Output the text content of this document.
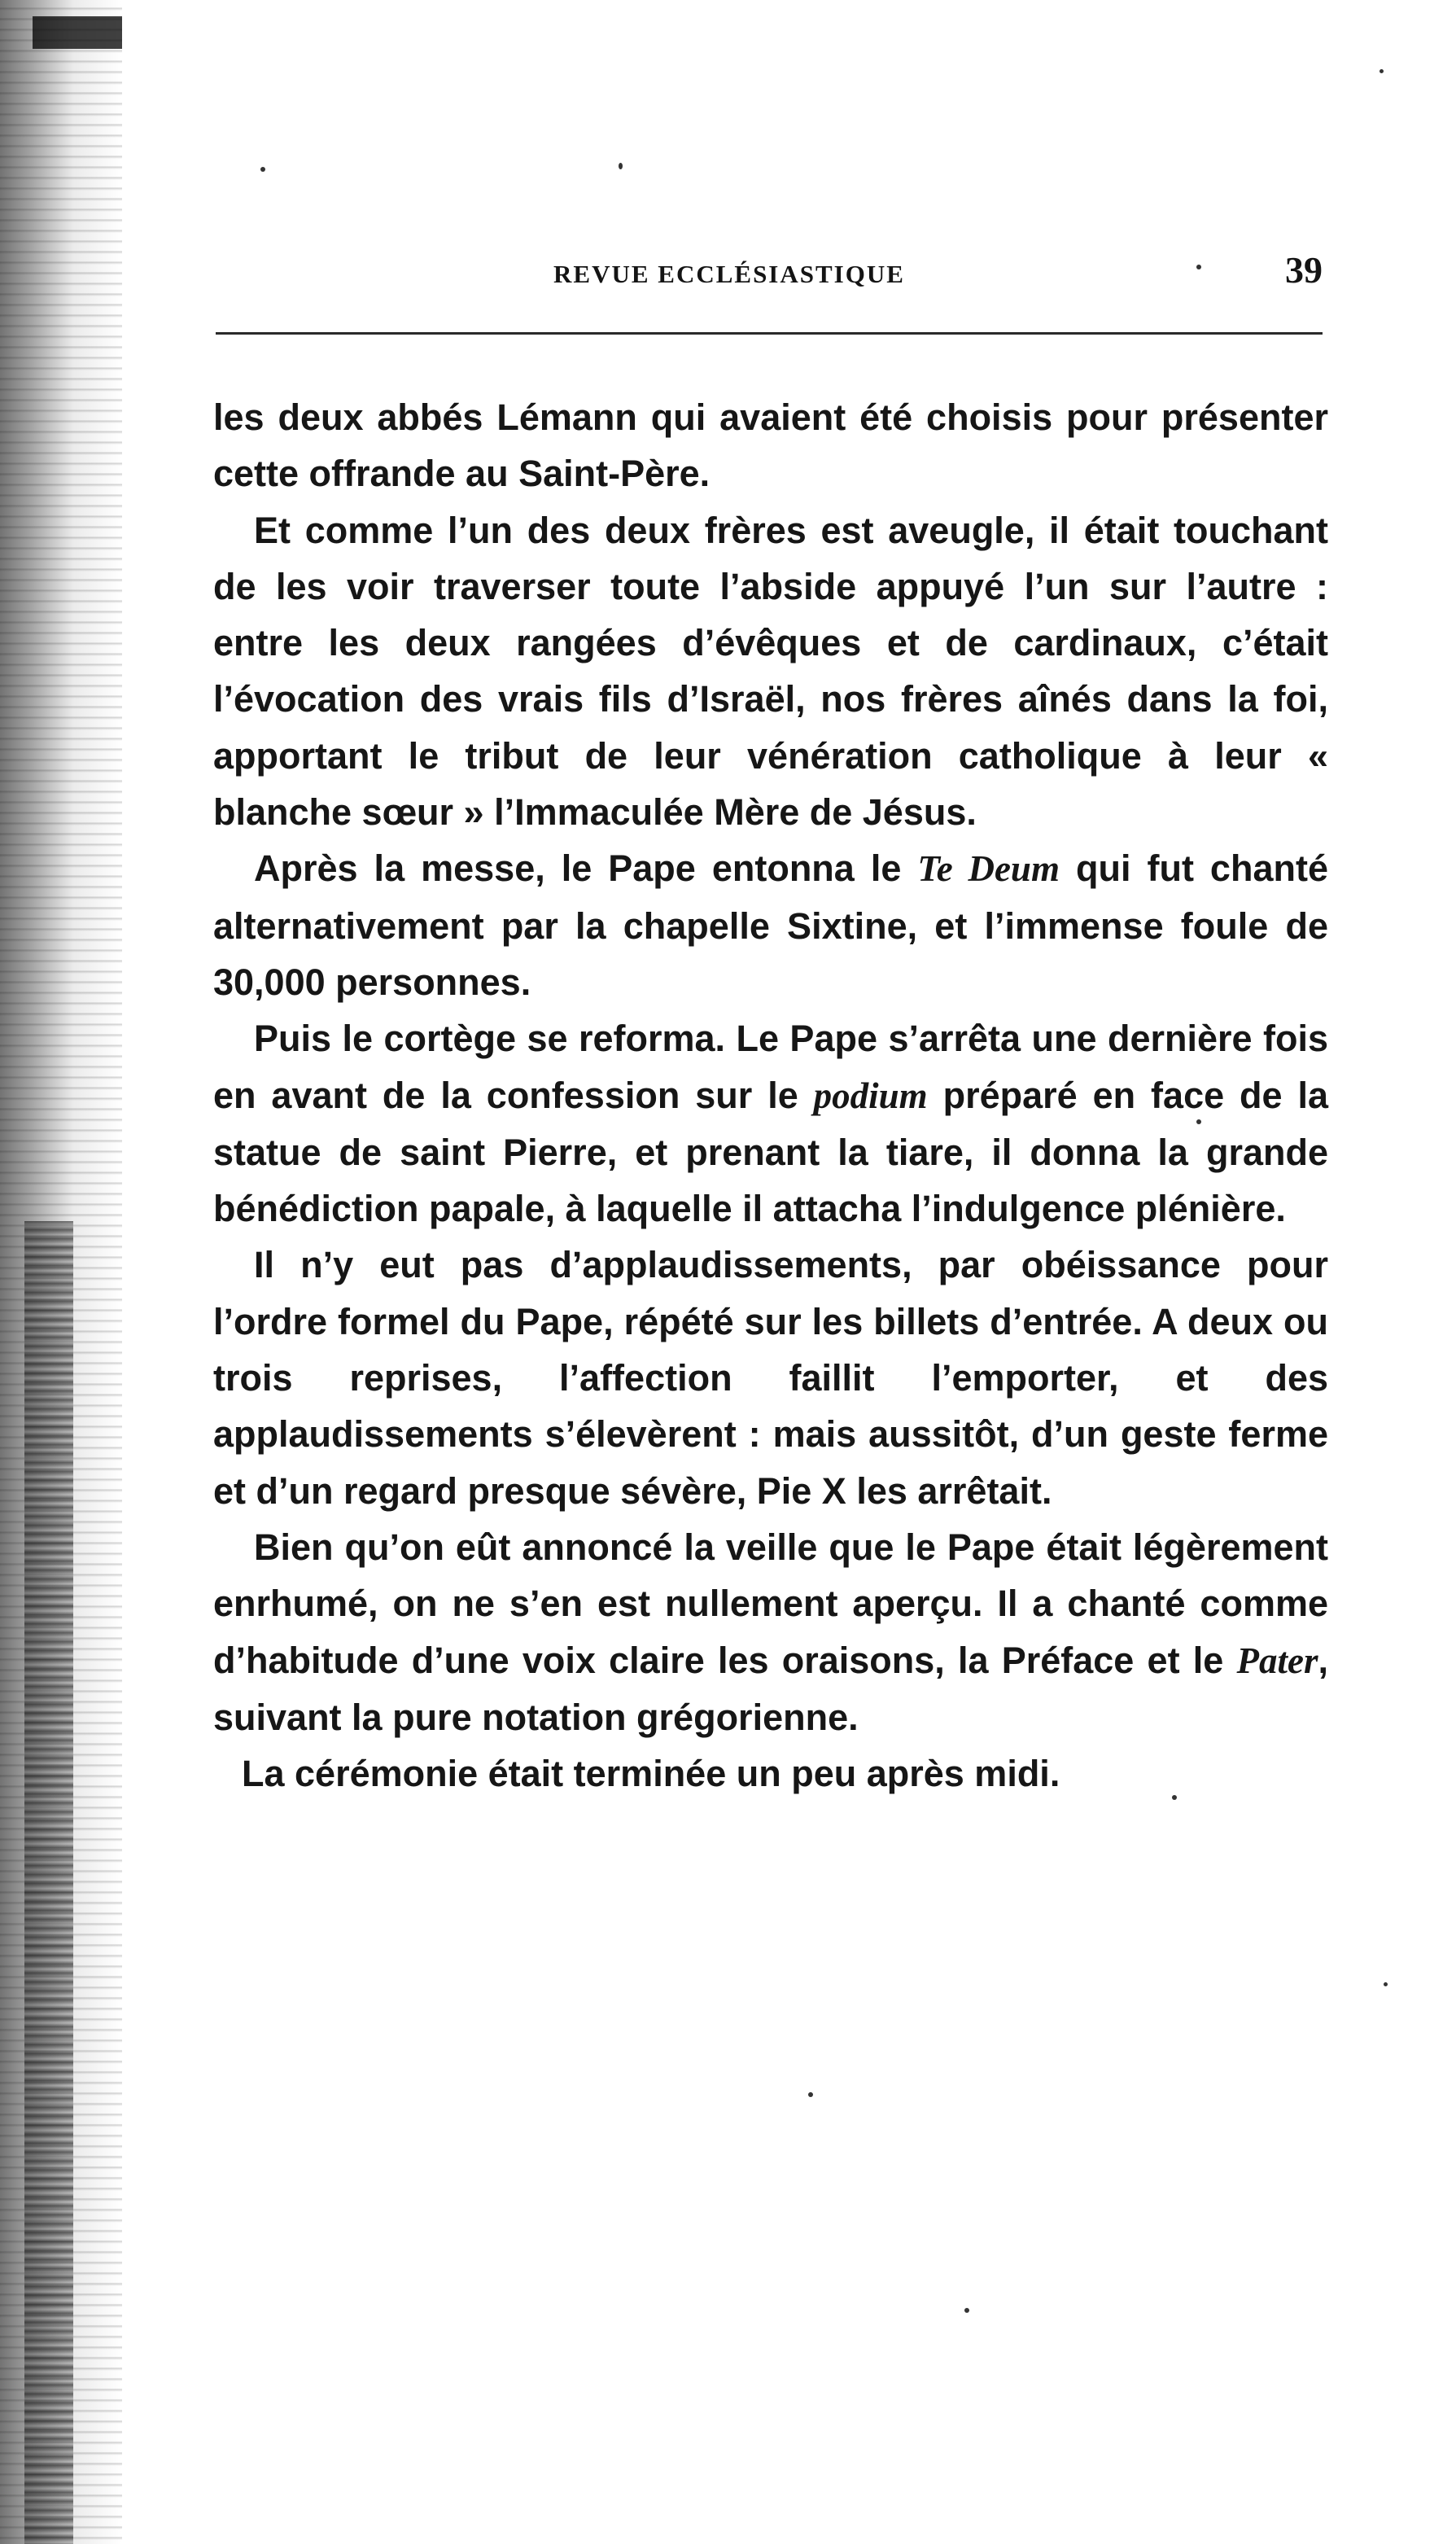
REVUE ECCLÉSIASTIQUE	39

les deux abbés Lémann qui avaient été choisis pour présenter cette offrande au Saint-Père.

Et comme l’un des deux frères est aveugle, il était touchant de les voir traverser toute l’abside appuyé l’un sur l’autre : entre les deux rangées d’évêques et de cardinaux, c’était l’évocation des vrais fils d’Israël, nos frères aînés dans la foi, apportant le tribut de leur vénération catholique à leur « blanche sœur » l’Immaculée Mère de Jésus.

Après la messe, le Pape entonna le Te Deum qui fut chanté alternativement par la chapelle Sixtine, et l’immense foule de 30,000 personnes.

Puis le cortège se reforma. Le Pape s’arrêta une dernière fois en avant de la confession sur le podium préparé en face de la statue de saint Pierre, et prenant la tiare, il donna la grande bénédiction papale, à laquelle il attacha l’indulgence plénière.

Il n’y eut pas d’applaudissements, par obéissance pour l’ordre formel du Pape, répété sur les billets d’entrée. A deux ou trois reprises, l’affection faillit l’emporter, et des applaudissements s’élevèrent : mais aussitôt, d’un geste ferme et d’un regard presque sévère, Pie X les arrêtait.

Bien qu’on eût annoncé la veille que le Pape était légèrement enrhumé, on ne s’en est nullement aperçu. Il a chanté comme d’habitude d’une voix claire les oraisons, la Préface et le Pater, suivant la pure notation grégorienne.

La cérémonie était terminée un peu après midi.
